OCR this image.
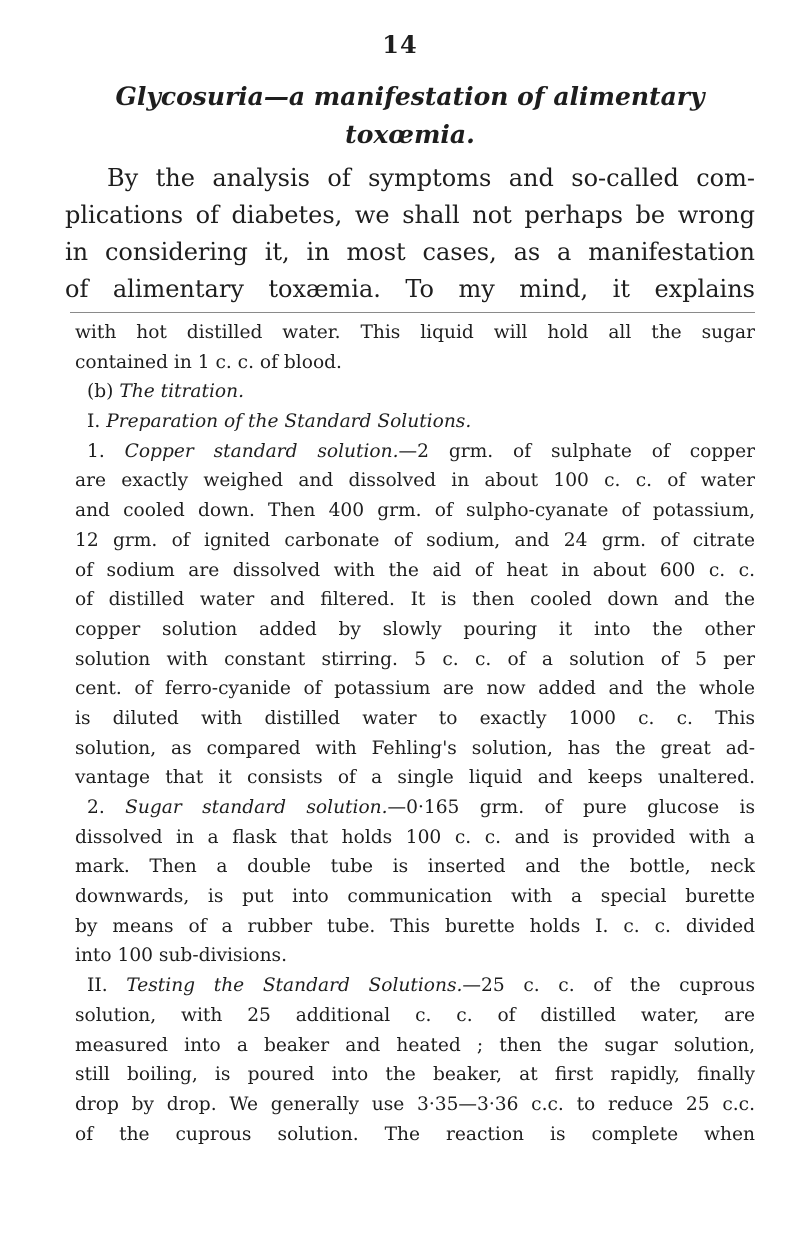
14
Glycosuria—a manifestation of alimentary
toxœmia.
By the analysis of symptoms and so-called com-
plications of diabetes, we shall not perhaps be wrong
in considering it, in most cases, as a manifestation
of alimentary toxæmia. To my mind, it explains
with hot distilled water. This liquid will hold all the sugar
contained in 1 c. c. of blood.
(b) The titration.
I. Preparation of the Standard Solutions.
1. Copper standard solution.—2 grm. of sulphate of copper
are exactly weighed and dissolved in about 100 c. c. of water
and cooled down. Then 400 grm. of sulpho-cyanate of potassium,
12 grm. of ignited carbonate of sodium, and 24 grm. of citrate
of sodium are dissolved with the aid of heat in about 600 c. c.
of distilled water and filtered. It is then cooled down and the
copper solution added by slowly pouring it into the other
solution with constant stirring. 5 c. c. of a solution of 5 per
cent. of ferro-cyanide of potassium are now added and the whole
is diluted with distilled water to exactly 1000 c. c. This
solution, as compared with Fehling's solution, has the great ad-
vantage that it consists of a single liquid and keeps unaltered.
2. Sugar standard solution.—0·165 grm. of pure glucose is
dissolved in a flask that holds 100 c. c. and is provided with a
mark. Then a double tube is inserted and the bottle, neck
downwards, is put into communication with a special burette
by means of a rubber tube. This burette holds I. c. c. divided
into 100 sub-divisions.
II. Testing the Standard Solutions.—25 c. c. of the cuprous
solution, with 25 additional c. c. of distilled water, are
measured into a beaker and heated ; then the sugar solution,
still boiling, is poured into the beaker, at first rapidly, finally
drop by drop. We generally use 3·35—3·36 c.c. to reduce 25 c.c.
of the cuprous solution. The reaction is complete when
